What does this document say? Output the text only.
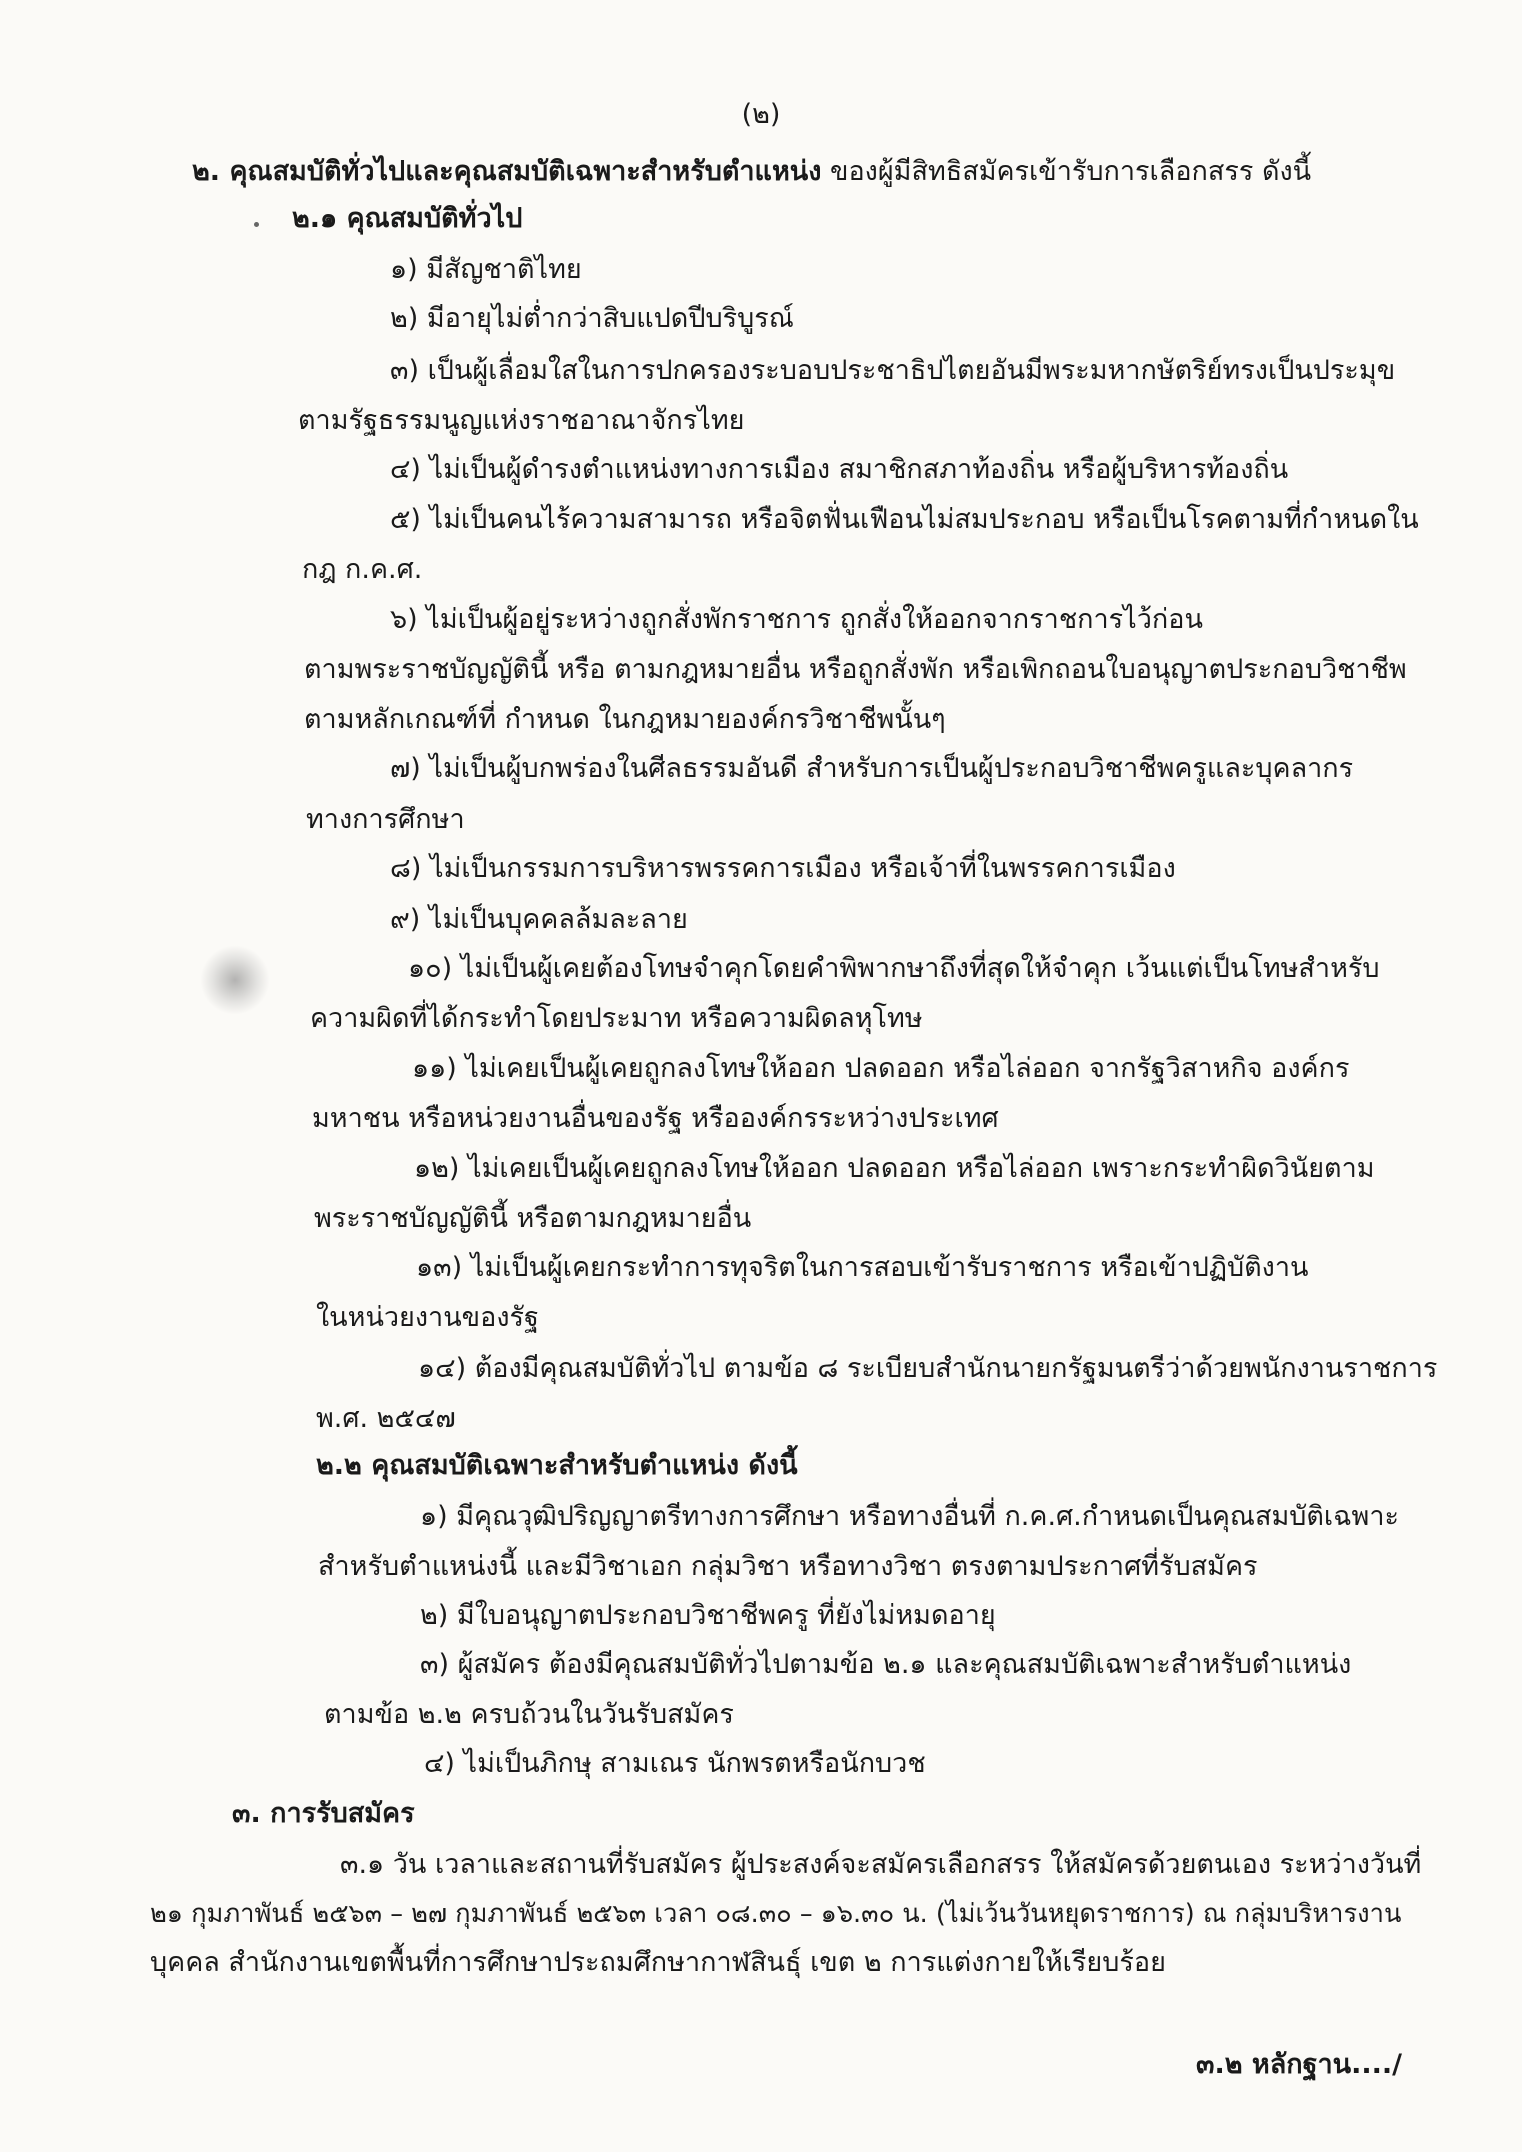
(๒)
๒. คุณสมบัติทั่วไปและคุณสมบัติเฉพาะสำหรับตำแหน่ง ของผู้มีสิทธิสมัครเข้ารับการเลือกสรร ดังนี้
๒.๑ คุณสมบัติทั่วไป
๑) มีสัญชาติไทย
๒) มีอายุไม่ต่ำกว่าสิบแปดปีบริบูรณ์
๓) เป็นผู้เลื่อมใสในการปกครองระบอบประชาธิปไตยอันมีพระมหากษัตริย์ทรงเป็นประมุข
ตามรัฐธรรมนูญแห่งราชอาณาจักรไทย
๔) ไม่เป็นผู้ดำรงตำแหน่งทางการเมือง สมาชิกสภาท้องถิ่น หรือผู้บริหารท้องถิ่น
๕) ไม่เป็นคนไร้ความสามารถ หรือจิตฟั่นเฟือนไม่สมประกอบ หรือเป็นโรคตามที่กำหนดใน
กฎ ก.ค.ศ.
๖) ไม่เป็นผู้อยู่ระหว่างถูกสั่งพักราชการ ถูกสั่งให้ออกจากราชการไว้ก่อน
ตามพระราชบัญญัตินี้ หรือ ตามกฎหมายอื่น หรือถูกสั่งพัก หรือเพิกถอนใบอนุญาตประกอบวิชาชีพ
ตามหลักเกณฑ์ที่ กำหนด ในกฎหมายองค์กรวิชาชีพนั้นๆ
๗) ไม่เป็นผู้บกพร่องในศีลธรรมอันดี สำหรับการเป็นผู้ประกอบวิชาชีพครูและบุคลากร
ทางการศึกษา
๘) ไม่เป็นกรรมการบริหารพรรคการเมือง หรือเจ้าที่ในพรรคการเมือง
๙) ไม่เป็นบุคคลล้มละลาย
๑๐) ไม่เป็นผู้เคยต้องโทษจำคุกโดยคำพิพากษาถึงที่สุดให้จำคุก เว้นแต่เป็นโทษสำหรับ
ความผิดที่ได้กระทำโดยประมาท หรือความผิดลหุโทษ
๑๑) ไม่เคยเป็นผู้เคยถูกลงโทษให้ออก ปลดออก หรือไล่ออก จากรัฐวิสาหกิจ องค์กร
มหาชน หรือหน่วยงานอื่นของรัฐ หรือองค์กรระหว่างประเทศ
๑๒) ไม่เคยเป็นผู้เคยถูกลงโทษให้ออก ปลดออก หรือไล่ออก เพราะกระทำผิดวินัยตาม
พระราชบัญญัตินี้ หรือตามกฎหมายอื่น
๑๓) ไม่เป็นผู้เคยกระทำการทุจริตในการสอบเข้ารับราชการ หรือเข้าปฏิบัติงาน
ในหน่วยงานของรัฐ
๑๔) ต้องมีคุณสมบัติทั่วไป ตามข้อ ๘ ระเบียบสำนักนายกรัฐมนตรีว่าด้วยพนักงานราชการ
พ.ศ. ๒๕๔๗
๒.๒ คุณสมบัติเฉพาะสำหรับตำแหน่ง ดังนี้
๑) มีคุณวุฒิปริญญาตรีทางการศึกษา หรือทางอื่นที่ ก.ค.ศ.กำหนดเป็นคุณสมบัติเฉพาะ
สำหรับตำแหน่งนี้ และมีวิชาเอก กลุ่มวิชา หรือทางวิชา ตรงตามประกาศที่รับสมัคร
๒) มีใบอนุญาตประกอบวิชาชีพครู ที่ยังไม่หมดอายุ
๓) ผู้สมัคร ต้องมีคุณสมบัติทั่วไปตามข้อ ๒.๑ และคุณสมบัติเฉพาะสำหรับตำแหน่ง
ตามข้อ ๒.๒ ครบถ้วนในวันรับสมัคร
๔) ไม่เป็นภิกษุ สามเณร นักพรตหรือนักบวช
๓. การรับสมัคร
๓.๑ วัน เวลาและสถานที่รับสมัคร ผู้ประสงค์จะสมัครเลือกสรร ให้สมัครด้วยตนเอง ระหว่างวันที่
๒๑ กุมภาพันธ์ ๒๕๖๓ – ๒๗ กุมภาพันธ์ ๒๕๖๓ เวลา ๐๘.๓๐ – ๑๖.๓๐ น. (ไม่เว้นวันหยุดราชการ) ณ กลุ่มบริหารงาน
บุคคล สำนักงานเขตพื้นที่การศึกษาประถมศึกษากาฬสินธุ์ เขต ๒ การแต่งกายให้เรียบร้อย
๓.๒ หลักฐาน..../
